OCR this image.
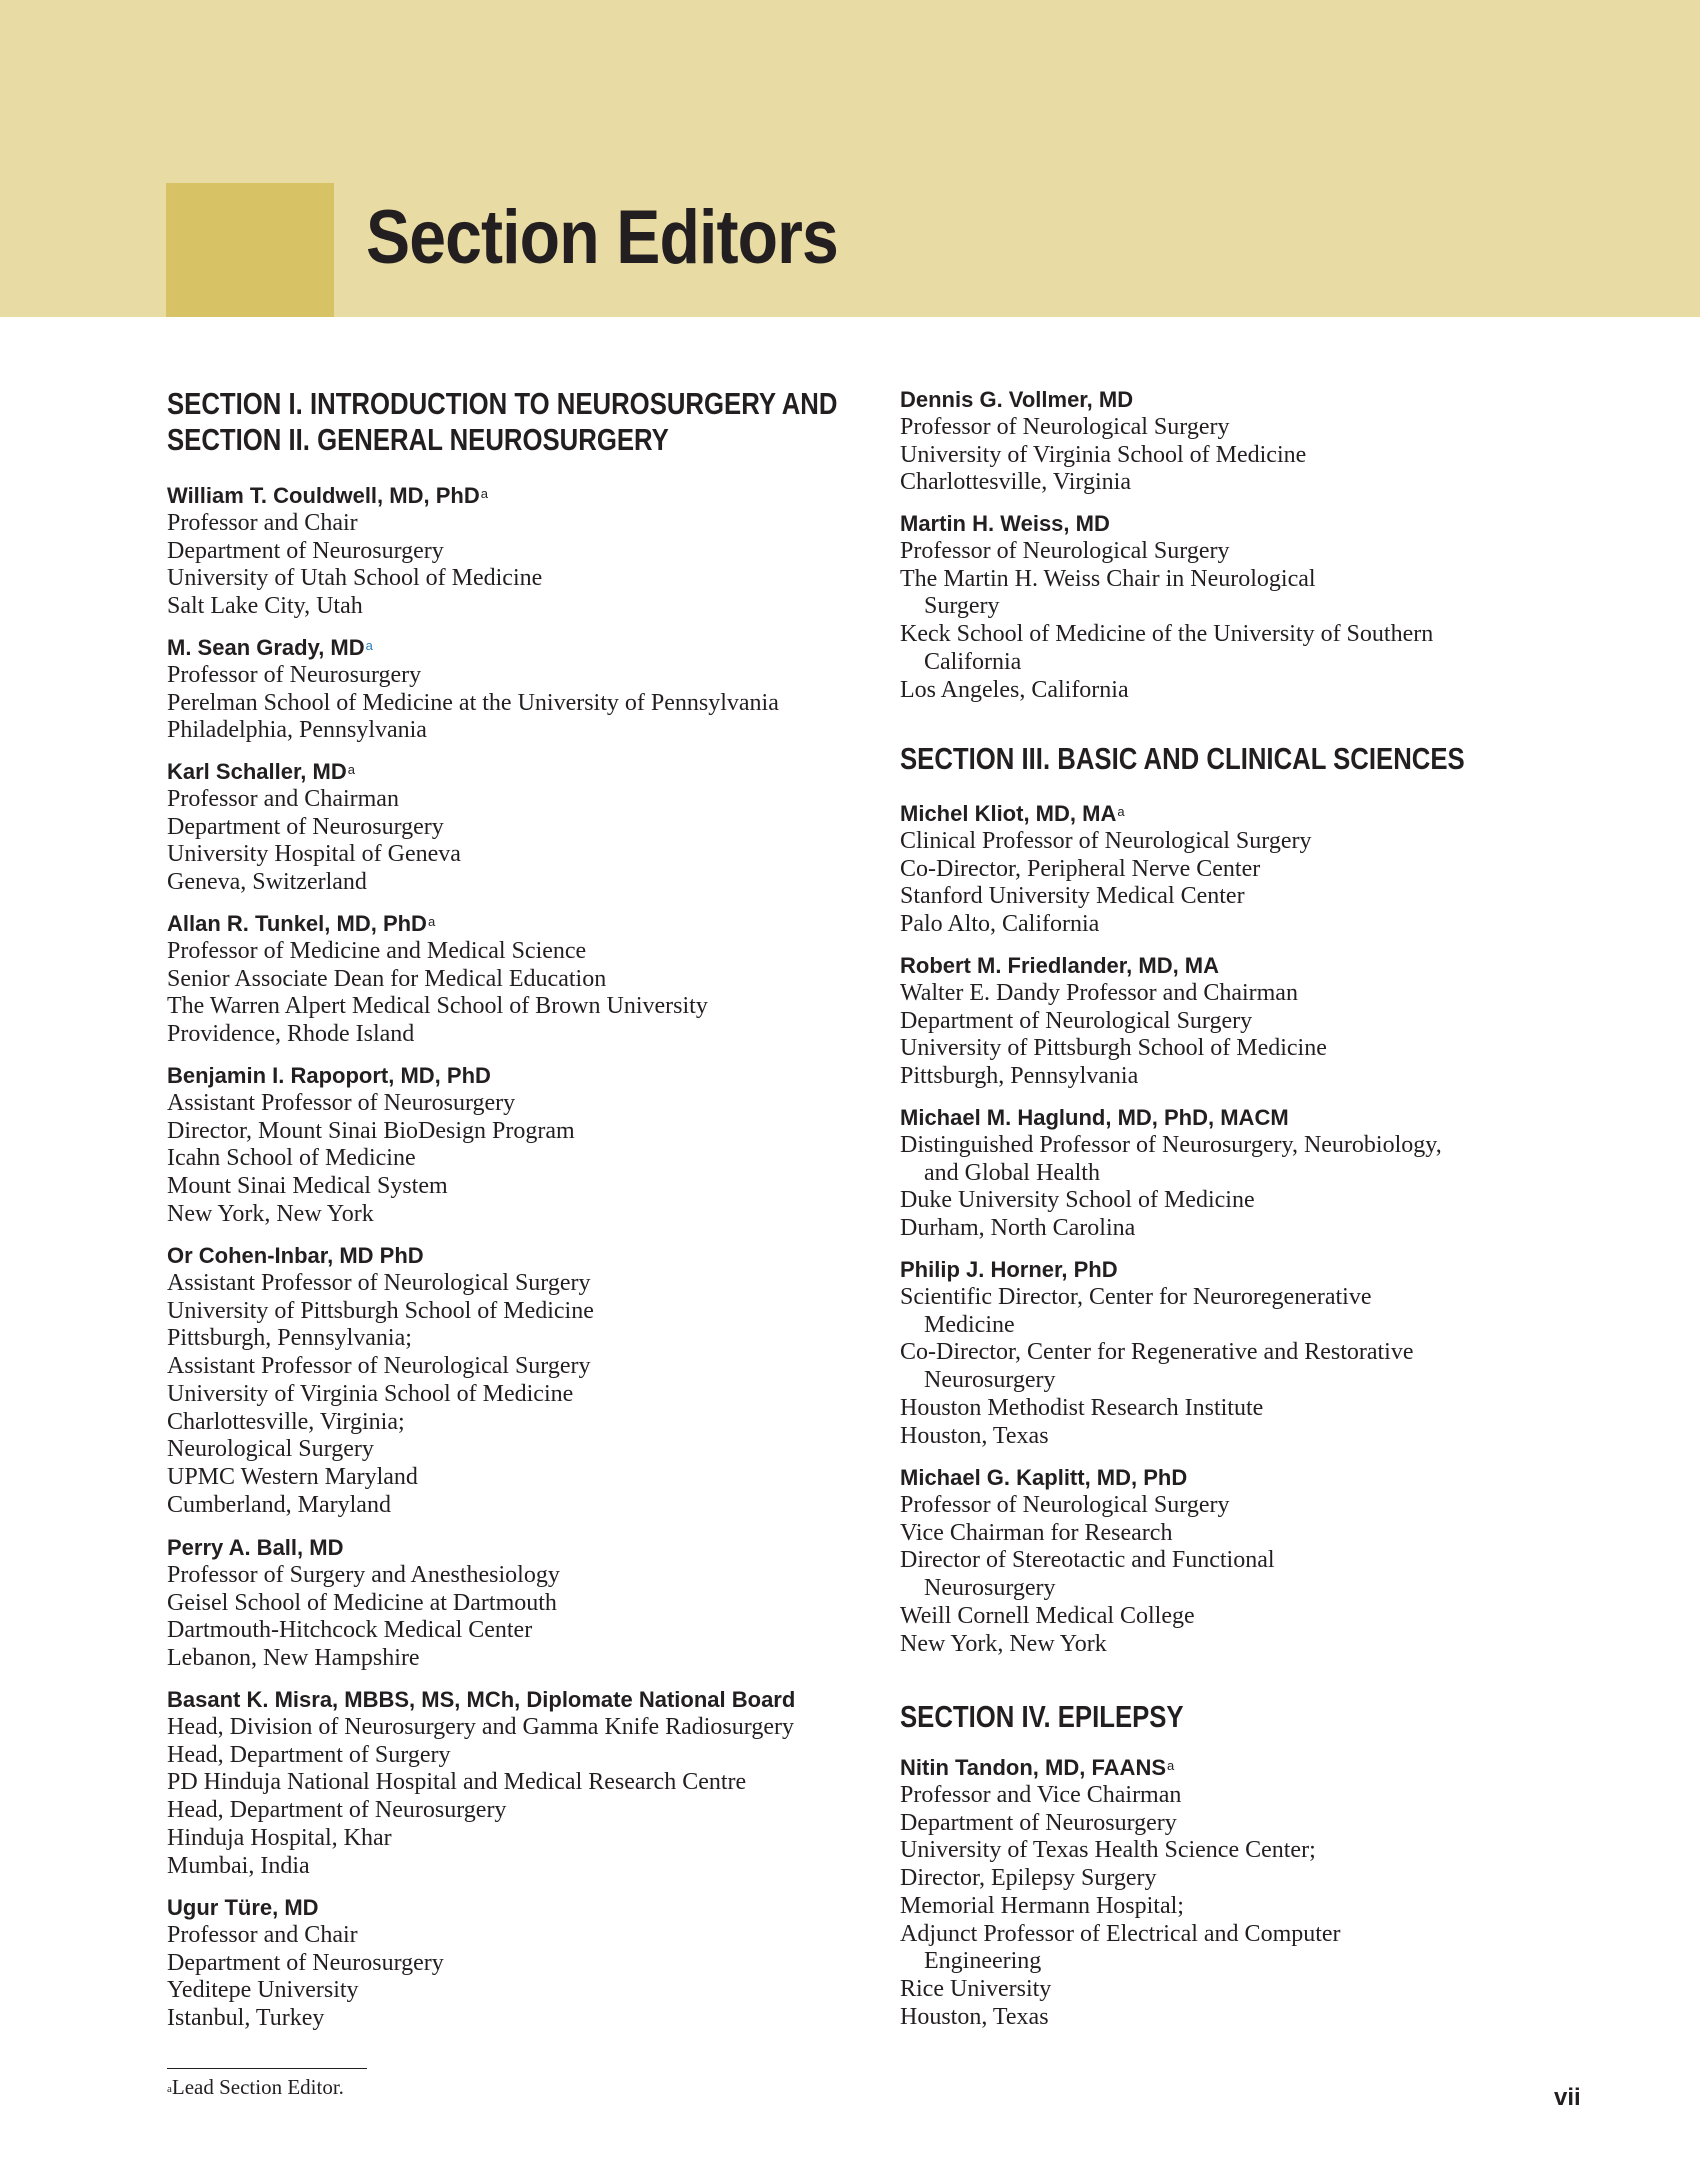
Section Editors
SECTION I. INTRODUCTION TO NEUROSURGERY AND
SECTION II. GENERAL NEUROSURGERY
William T. Couldwell, MD, PhD$^a$
Professor and Chair
Department of Neurosurgery
University of Utah School of Medicine
Salt Lake City, Utah
M. Sean Grady, $MD^a$
Professor of Neurosurgery
Perelman School of Medicine at the University of Pennsylvania
Philadelphia, Pennsylvania
Karl Schaller, $MD^a$
Professor and Chairman
Department of Neurosurgery
University Hospital of Geneva
Geneva, Switzerland
Allan R. Tunkel, MD, PhD$^a$
Professor of Medicine and Medical Science
Senior Associate Dean for Medical Education
The Warren Alpert Medical School of Brown University
Providence, Rhode Island
Benjamin I. Rapoport, MD, PhD
Assistant Professor of Neurosurgery
Director, Mount Sinai BioDesign Program
Icahn School of Medicine
Mount Sinai Medical System
New York, New York
Or Cohen-Inbar, MD PhD
Assistant Professor of Neurological Surgery
University of Pittsburgh School of Medicine
Pittsburgh, Pennsylvania;
Assistant Professor of Neurological Surgery
University of Virginia School of Medicine
Charlottesville, Virginia;
Neurological Surgery
UPMC Western Maryland
Cumberland, Maryland
Perry A. Ball, MD
Professor of Surgery and Anesthesiology
Geisel School of Medicine at Dartmouth
Dartmouth-Hitchcock Medical Center
Lebanon, New Hampshire
Basant K. Misra, MBBS, MS, MCh, Diplomate National Board
Head, Division of Neurosurgery and Gamma Knife Radiosurgery
Head, Department of Surgery
PD Hinduja National Hospital and Medical Research Centre
Head, Department of Neurosurgery
Hinduja Hospital, Khar
Mumbai, India
Ugur Türe, MD
Professor and Chair
Department of Neurosurgery
Yeditepe University
Istanbul, Turkey
Dennis G. Vollmer, MD
Professor of Neurological Surgery
University of Virginia School of Medicine
Charlottesville, Virginia
Martin H. Weiss, MD
Professor of Neurological Surgery
The Martin H. Weiss Chair in Neurological
Surgery
Keck School of Medicine of the University of Southern
California
Los Angeles, California
SECTION III. BASIC AND CLINICAL SCIENCES
Michel Kliot, MD, $MA^a$
Clinical Professor of Neurological Surgery
Co-Director, Peripheral Nerve Center
Stanford University Medical Center
Palo Alto, California
Robert M. Friedlander, MD, MA
Walter E. Dandy Professor and Chairman
Department of Neurological Surgery
University of Pittsburgh School of Medicine
Pittsburgh, Pennsylvania
Michael M. Haglund, MD, PhD, MACM
Distinguished Professor of Neurosurgery, Neurobiology,
and Global Health
Duke University School of Medicine
Durham, North Carolina
Philip J. Horner, PhD
Scientific Director, Center for Neuroregenerative
Medicine
Co-Director, Center for Regenerative and Restorative
Neurosurgery
Houston Methodist Research Institute
Houston, Texas
Michael G. Kaplitt, MD, PhD
Professor of Neurological Surgery
Vice Chairman for Research
Director of Stereotactic and Functional
Neurosurgery
Weill Cornell Medical College
New York, New York
SECTION IV. EPILEPSY
Nitin Tandon, MD, FAANS$^a$
Professor and Vice Chairman
Department of Neurosurgery
University of Texas Health Science Center;
Director, Epilepsy Surgery
Memorial Hermann Hospital;
Adjunct Professor of Electrical and Computer
Engineering
Rice University
Houston, Texas
$^a$Lead Section Editor.	vii
